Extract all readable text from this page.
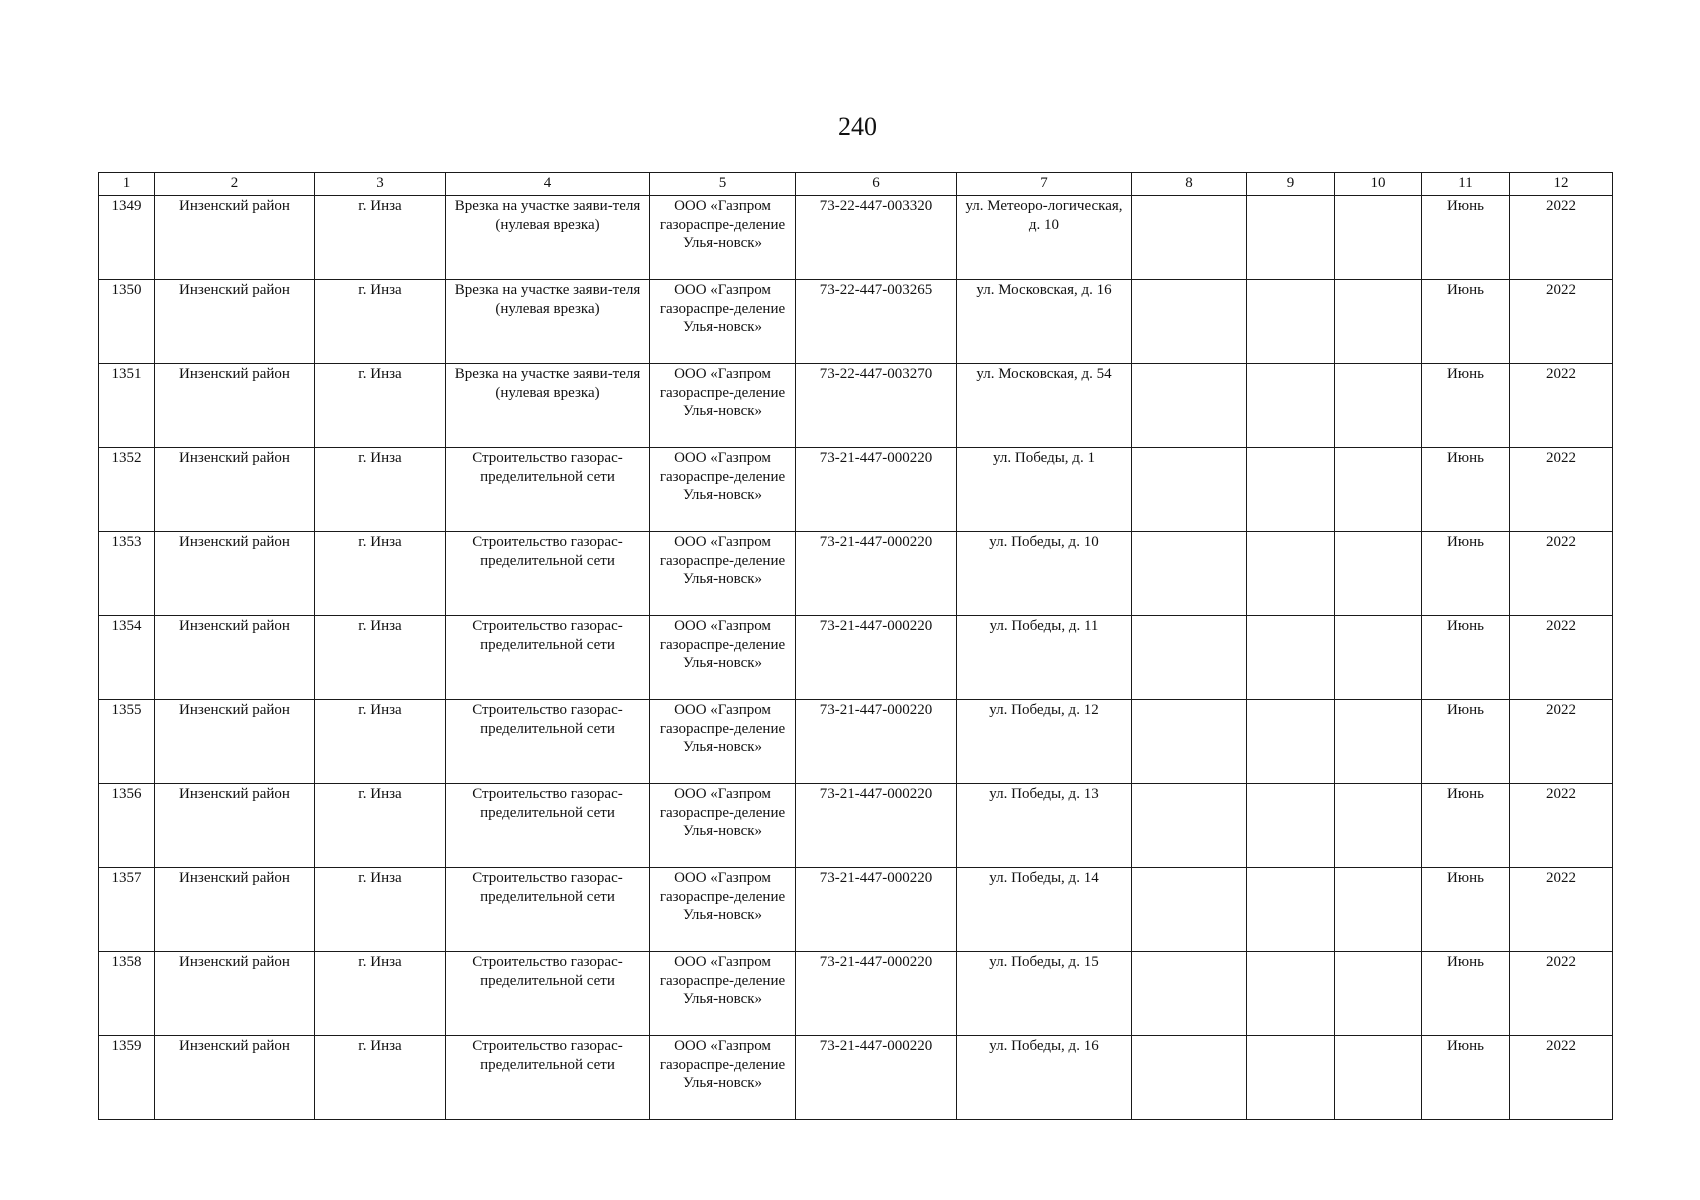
240
1	2	3	4	5	6	7	8	9	10	11	12
1349	Инзенский район	г. Инза	Врезка на участке заяви-теля (нулевая врезка)	ООО «Газпром газораспре-деление Улья-новск»	73-22-447-003320	ул. Метеоро-логическая, д. 10				Июнь	2022
1350	Инзенский район	г. Инза	Врезка на участке заяви-теля (нулевая врезка)	ООО «Газпром газораспре-деление Улья-новск»	73-22-447-003265	ул. Московская, д. 16				Июнь	2022
1351	Инзенский район	г. Инза	Врезка на участке заяви-теля (нулевая врезка)	ООО «Газпром газораспре-деление Улья-новск»	73-22-447-003270	ул. Московская, д. 54				Июнь	2022
1352	Инзенский район	г. Инза	Строительство газорас-пределительной сети	ООО «Газпром газораспре-деление Улья-новск»	73-21-447-000220	ул. Победы, д. 1				Июнь	2022
1353	Инзенский район	г. Инза	Строительство газорас-пределительной сети	ООО «Газпром газораспре-деление Улья-новск»	73-21-447-000220	ул. Победы, д. 10				Июнь	2022
1354	Инзенский район	г. Инза	Строительство газорас-пределительной сети	ООО «Газпром газораспре-деление Улья-новск»	73-21-447-000220	ул. Победы, д. 11				Июнь	2022
1355	Инзенский район	г. Инза	Строительство газорас-пределительной сети	ООО «Газпром газораспре-деление Улья-новск»	73-21-447-000220	ул. Победы, д. 12				Июнь	2022
1356	Инзенский район	г. Инза	Строительство газорас-пределительной сети	ООО «Газпром газораспре-деление Улья-новск»	73-21-447-000220	ул. Победы, д. 13				Июнь	2022
1357	Инзенский район	г. Инза	Строительство газорас-пределительной сети	ООО «Газпром газораспре-деление Улья-новск»	73-21-447-000220	ул. Победы, д. 14				Июнь	2022
1358	Инзенский район	г. Инза	Строительство газорас-пределительной сети	ООО «Газпром газораспре-деление Улья-новск»	73-21-447-000220	ул. Победы, д. 15				Июнь	2022
1359	Инзенский район	г. Инза	Строительство газорас-пределительной сети	ООО «Газпром газораспре-деление Улья-новск»	73-21-447-000220	ул. Победы, д. 16				Июнь	2022
